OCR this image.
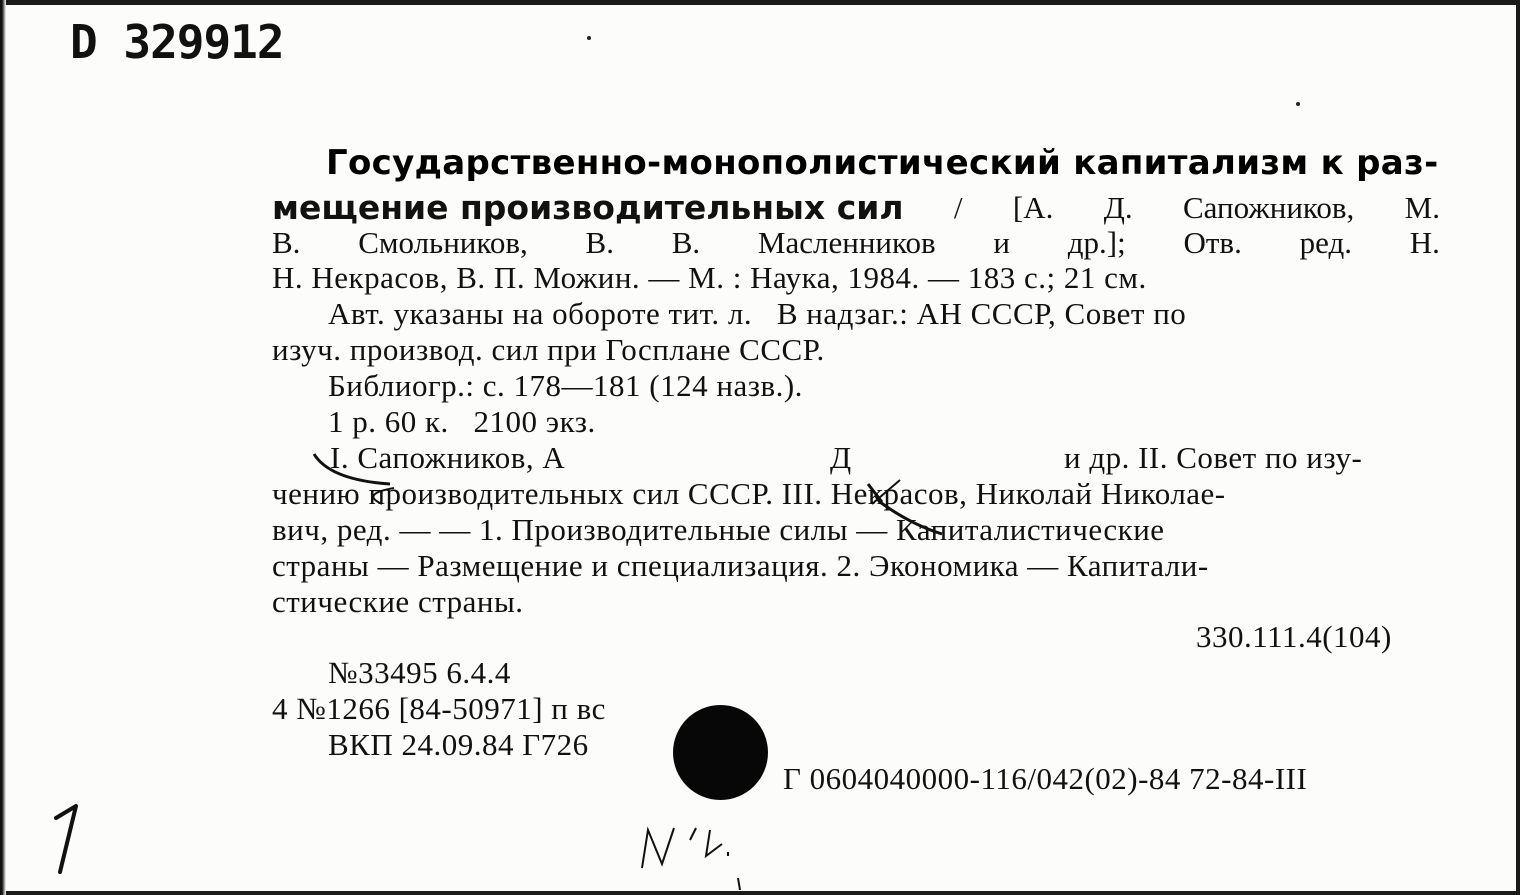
D 329912
Государственно-монополистический капитализм к раз-
мещение производительных сил / [А. Д. Сапожников, М.
В. Смольников, В. В. Масленников и др.]; Отв. ред. Н.
Н. Некрасов, В. П. Можин. — М. : Наука, 1984. — 183 с.; 21 см.
Авт. указаны на обороте тит. л.   В надзаг.: АН СССР, Совет по
изуч. производ. сил при Госплане СССР.
Библиогр.: с. 178—181 (124 назв.).
1 р. 60 к.   2100 экз.
I. Сапожников, А	Д	и др. II. Совет по изу-
чению производительных сил СССР. III. Некрасов, Николай Николае-
вич, ред. — — 1. Производительные силы — Капиталистические
страны — Размещение и специализация. 2. Экономика — Капитали-
стические страны.
330.111.4(104)
№33495 6.4.4
4 №1266 [84-50971] п вс
ВКП 24.09.84 Г726
Г 0604040000-116/042(02)-84 72-84-III
